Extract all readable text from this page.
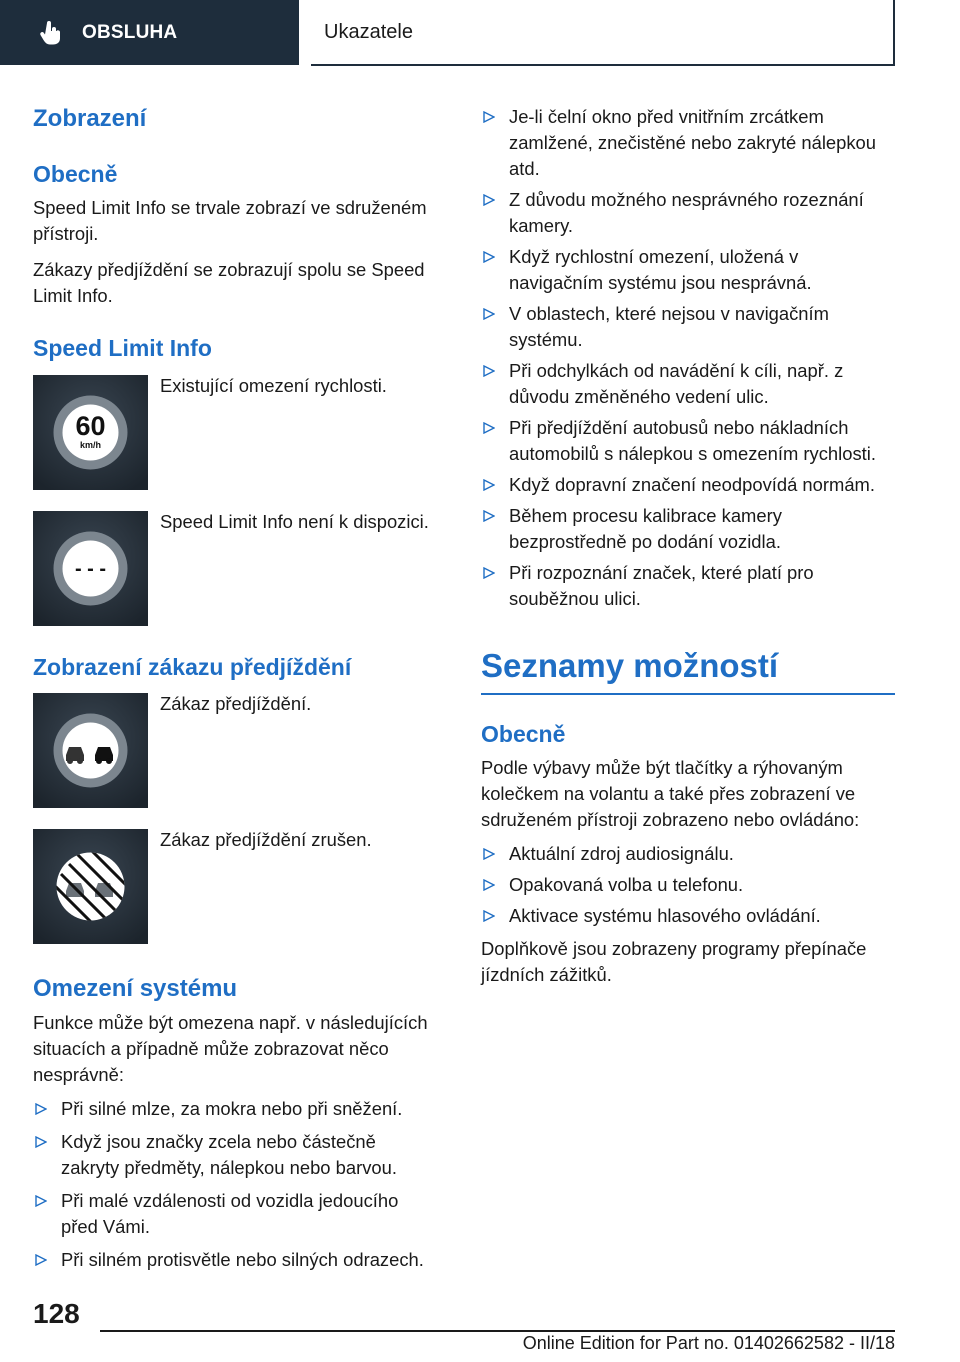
OBSLUHA	Ukazatele
Zobrazení
Obecně

Speed Limit Info se trvale zobrazí ve sdruženém přístroji.

Zákazy předjíždění se zobrazují spolu se Speed Limit Info.

Speed Limit Info
60
km/h
Existující omezení rychlosti.
- - -
Speed Limit Info není k dispozici.
Zobrazení zákazu předjíždění
Zákaz předjíždění.
Zákaz předjíždění zrušen.
Omezení systému

Funkce může být omezena např. v následujících situacích a případně může zobrazovat něco nesprávně:

Při silné mlze, za mokra nebo při sněžení.
Když jsou značky zcela nebo částečně zakryty předměty, nálepkou nebo barvou.
Při malé vzdálenosti od vozidla jedoucího před Vámi.
Při silném protisvětle nebo silných odrazech.
Je-li čelní okno před vnitřním zrcátkem zamlžené, znečistěné nebo zakryté nálepkou atd.
Z důvodu možného nesprávného rozeznání kamery.
Když rychlostní omezení, uložená v navigačním systému jsou nesprávná.
V oblastech, které nejsou v navigačním systému.
Při odchylkách od navádění k cíli, např. z důvodu změněného vedení ulic.
Při předjíždění autobusů nebo nákladních automobilů s nálepkou s omezením rychlosti.
Když dopravní značení neodpovídá normám.
Během procesu kalibrace kamery bezprostředně po dodání vozidla.
Při rozpoznání značek, které platí pro souběžnou ulici.
Seznamy možností
Obecně

Podle výbavy může být tlačítky a rýhovaným kolečkem na volantu a také přes zobrazení ve sdruženém přístroji zobrazeno nebo ovládáno:

Aktuální zdroj audiosignálu.
Opakovaná volba u telefonu.
Aktivace systému hlasového ovládání.

Doplňkově jsou zobrazeny programy přepínače jízdních zážitků.

128
Online Edition for Part no. 01402662582 - II/18
